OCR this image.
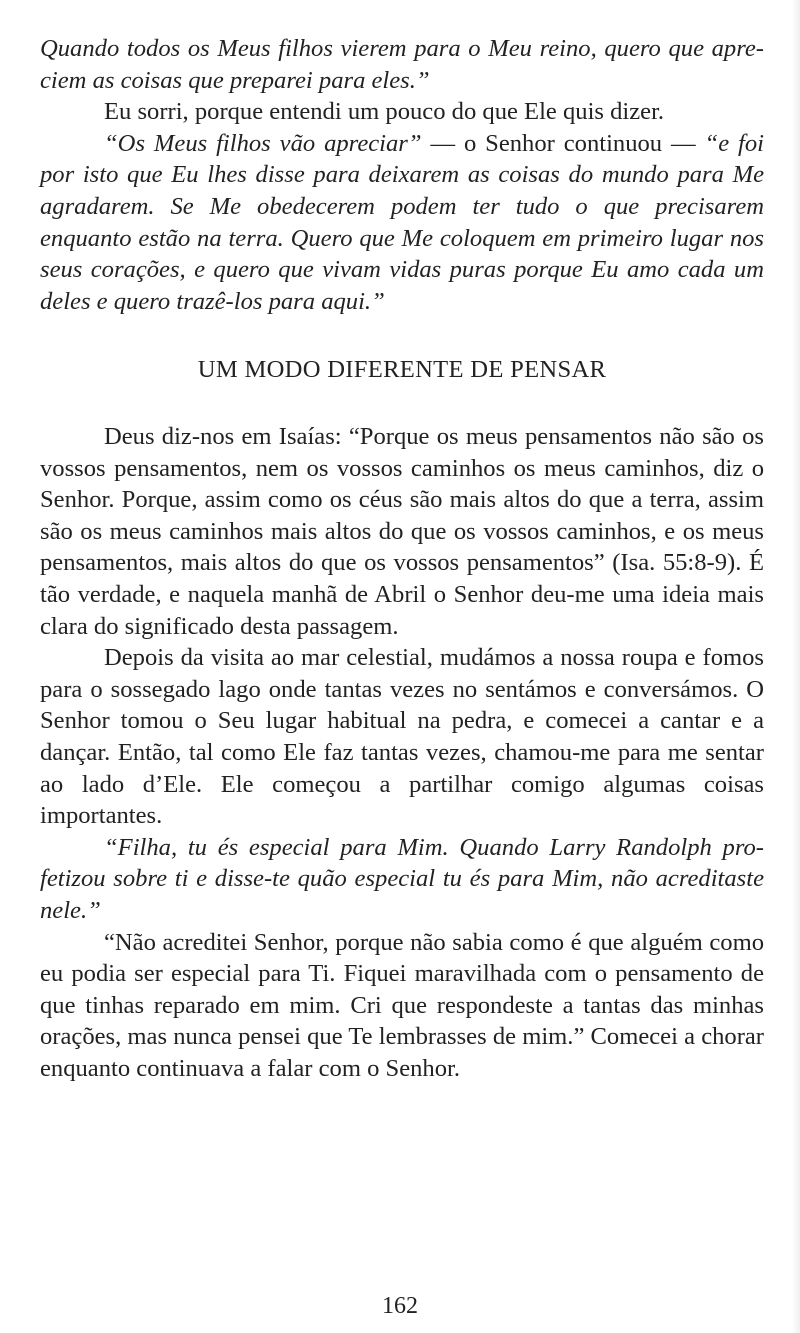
Quando todos os Meus filhos vierem para o Meu reino, quero que apreciem as coisas que preparei para eles.”

Eu sorri, porque entendi um pouco do que Ele quis dizer.

“Os Meus filhos vão apreciar” — o Senhor continuou — “e foi por isto que Eu lhes disse para deixarem as coisas do mundo para Me agradarem. Se Me obedecerem podem ter tudo o que precisarem enquanto estão na terra. Quero que Me coloquem em primeiro lugar nos seus corações, e quero que vivam vidas puras porque Eu amo cada um deles e quero trazê-los para aqui.”

UM MODO DIFERENTE DE PENSAR

Deus diz-nos em Isaías: “Porque os meus pensamentos não são os vossos pensamentos, nem os vossos caminhos os meus caminhos, diz o Senhor. Porque, assim como os céus são mais altos do que a terra, assim são os meus caminhos mais altos do que os vossos caminhos, e os meus pensamentos, mais altos do que os vossos pensamentos” (Isa. 55:8-9). É tão verdade, e naquela manhã de Abril o Senhor deu-me uma ideia mais clara do significado desta passagem.

Depois da visita ao mar celestial, mudámos a nossa roupa e fomos para o sossegado lago onde tantas vezes no sentámos e conversámos. O Senhor tomou o Seu lugar habitual na pedra, e comecei a cantar e a dançar. Então, tal como Ele faz tantas vezes, chamou-me para me sentar ao lado d’Ele. Ele começou a partilhar comigo algumas coisas importantes.

“Filha, tu és especial para Mim. Quando Larry Randolph profetizou sobre ti e disse-te quão especial tu és para Mim, não acreditaste nele.”

“Não acreditei Senhor, porque não sabia como é que alguém como eu podia ser especial para Ti. Fiquei maravilhada com o pensamento de que tinhas reparado em mim. Cri que respondeste a tantas das minhas orações, mas nunca pensei que Te lembrasses de mim.” Comecei a chorar enquanto continuava a falar com o Senhor.

162
